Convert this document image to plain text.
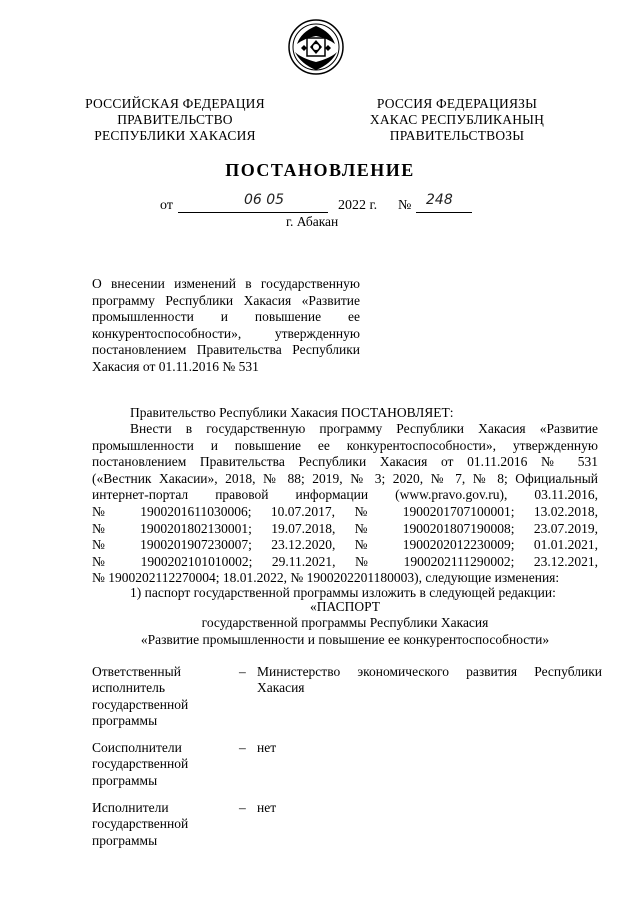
РОССИЙСКАЯ ФЕДЕРАЦИЯ
ПРАВИТЕЛЬСТВО
РЕСПУБЛИКИ ХАКАСИЯ
РОССИЯ ФЕДЕРАЦИЯЗЫ
ХАКАС РЕСПУБЛИКАНЫҢ
ПРАВИТЕЛЬСТВОЗЫ
ПОСТАНОВЛЕНИЕ
от	06 05	2022 г. № 248
г. Абакан
О внесении изменений в государственную программу Республики Хакасия «Развитие промышленности и повышение ее конкурентоспособности», утвержденную постановлением Правительства Республики Хакасия от 01.11.2016 № 531
Правительство Республики Хакасия ПОСТАНОВЛЯЕТ:
Внести в государственную программу Республики Хакасия «Развитие
промышленности и повышение ее конкурентоспособности», утвержденную
постановлением Правительства Республики Хакасия от 01.11.2016 № 531
(«Вестник Хакасии», 2018, № 88; 2019, № 3; 2020, № 7, № 8; Официальный
интернет-портал правовой информации (www.pravo.gov.ru), 03.11.2016,
№ 1900201611030006; 10.07.2017, № 1900201707100001; 13.02.2018,
№ 1900201802130001; 19.07.2018, № 1900201807190008; 23.07.2019,
№ 1900201907230007; 23.12.2020, № 1900202012230009; 01.01.2021,
№ 1900202101010002; 29.11.2021, № 1900202111290002; 23.12.2021,
№ 1900202112270004; 18.01.2022, № 1900202201180003), следующие изменения:
1) паспорт государственной программы изложить в следующей редакции:
«ПАСПОРТ
государственной программы Республики Хакасия
«Развитие промышленности и повышение ее конкурентоспособности»
Ответственный
исполнитель
государственной
программы
– Министерство экономического развития Республики
Хакасия
Соисполнители
государственной
программы
– нет
Исполнители
государственной
программы
– нет
